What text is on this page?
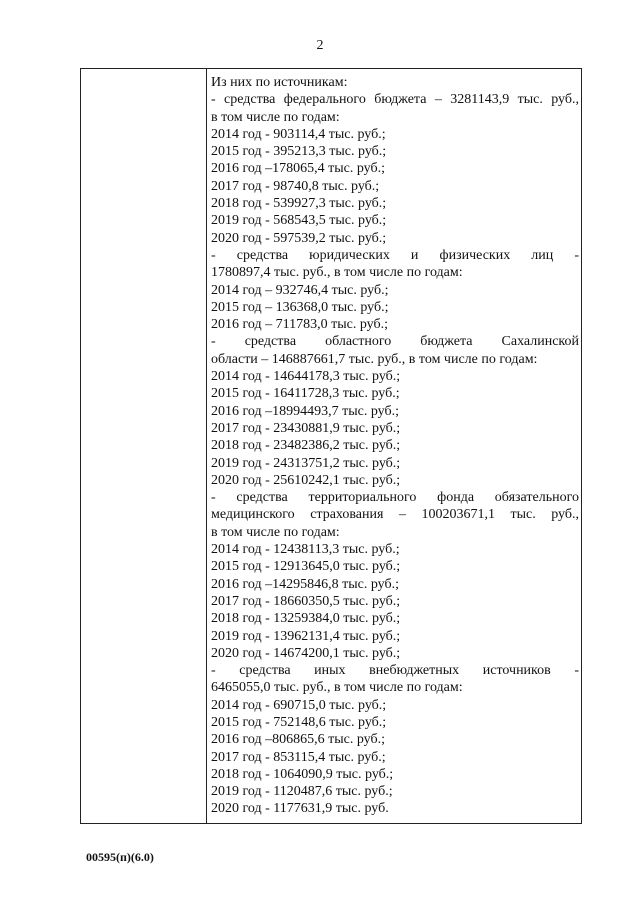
2
Из них по источникам:
- средства федерального бюджета – 3281143,9 тыс. руб.,
в том числе по годам:
2014 год - 903114,4 тыс. руб.;
2015 год - 395213,3 тыс. руб.;
2016 год –178065,4 тыс. руб.;
2017 год - 98740,8 тыс. руб.;
2018 год - 539927,3 тыс. руб.;
2019 год - 568543,5 тыс. руб.;
2020 год - 597539,2 тыс. руб.;
- средства юридических и физических лиц -
1780897,4 тыс. руб., в том числе по годам:
2014 год – 932746,4 тыс. руб.;
2015 год – 136368,0 тыс. руб.;
2016 год – 711783,0 тыс. руб.;
- средства областного бюджета Сахалинской
области – 146887661,7 тыс. руб., в том числе по годам:
2014 год - 14644178,3 тыс. руб.;
2015 год - 16411728,3 тыс. руб.;
2016 год –18994493,7 тыс. руб.;
2017 год - 23430881,9 тыс. руб.;
2018 год - 23482386,2 тыс. руб.;
2019 год - 24313751,2 тыс. руб.;
2020 год - 25610242,1 тыс. руб.;
- средства территориального фонда обязательного
медицинского страхования – 100203671,1 тыс. руб.,
в том числе по годам:
2014 год - 12438113,3 тыс. руб.;
2015 год - 12913645,0 тыс. руб.;
2016 год –14295846,8 тыс. руб.;
2017 год - 18660350,5 тыс. руб.;
2018 год - 13259384,0 тыс. руб.;
2019 год - 13962131,4 тыс. руб.;
2020 год - 14674200,1 тыс. руб.;
- средства иных внебюджетных источников -
6465055,0 тыс. руб., в том числе по годам:
2014 год - 690715,0 тыс. руб.;
2015 год - 752148,6 тыс. руб.;
2016 год –806865,6 тыс. руб.;
2017 год - 853115,4 тыс. руб.;
2018 год - 1064090,9 тыс. руб.;
2019 год - 1120487,6 тыс. руб.;
2020 год - 1177631,9 тыс. руб.
00595(п)(6.0)
